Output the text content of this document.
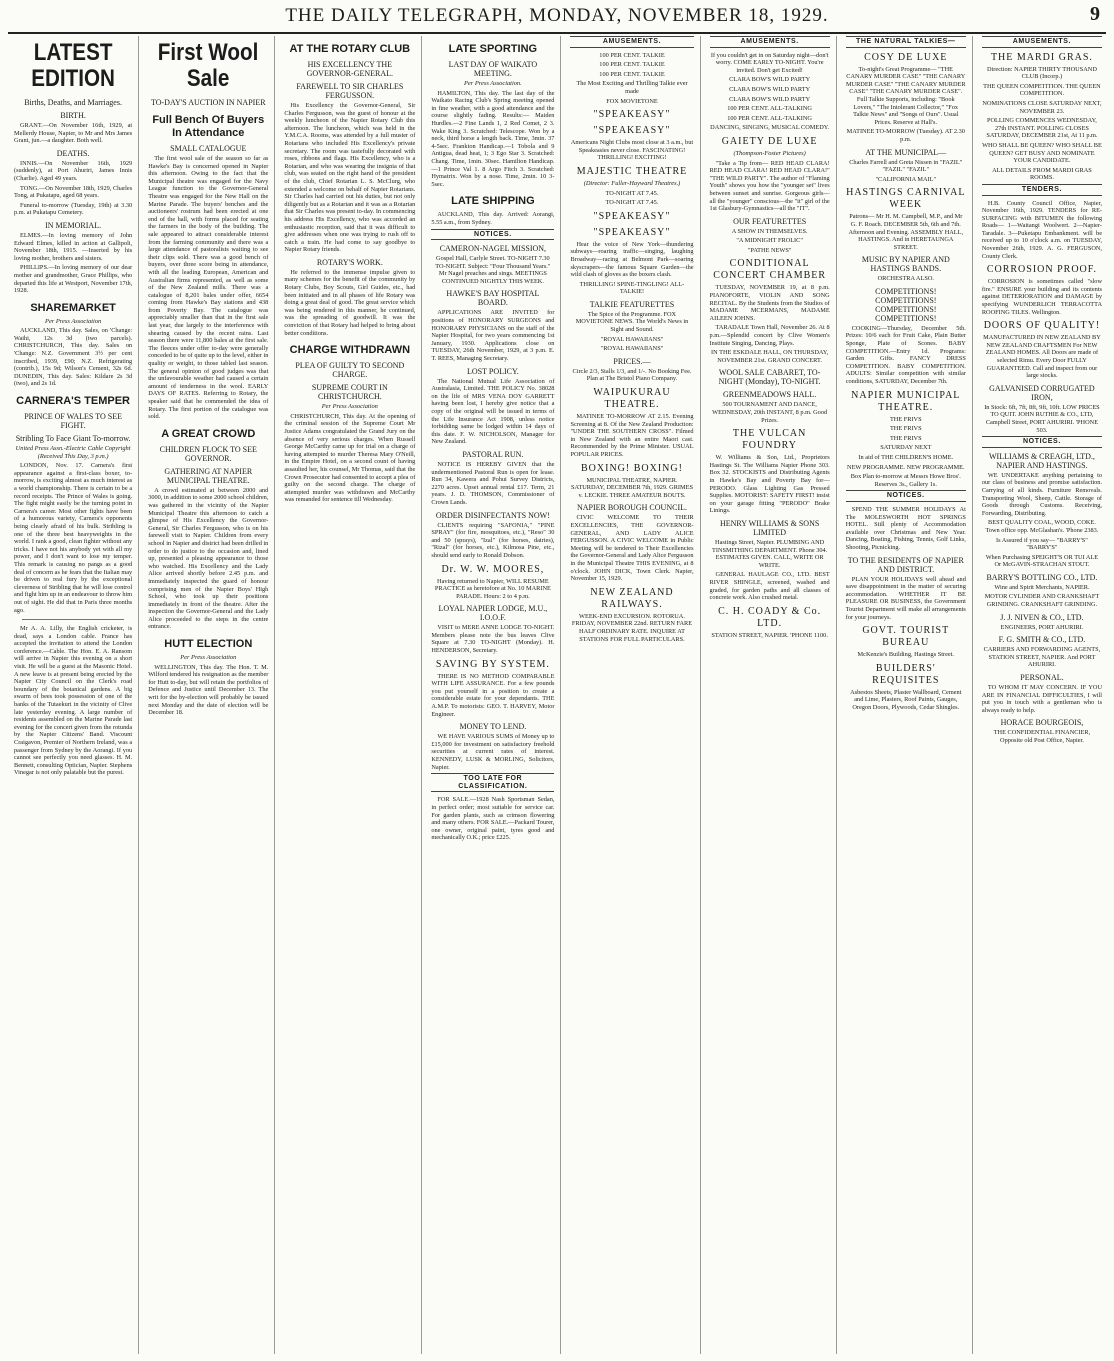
THE DAILY TELEGRAPH, MONDAY, NOVEMBER 18, 1929.	9
LATEST EDITION
Births, Deaths, and Marriages.
BIRTH.

GRANT.—On November 16th, 1929, at Mellerdy House, Napier, to Mr and Mrs James Grant, jun.—a daughter. Both well.

DEATHS.

INNIS.—On November 16th, 1929 (suddenly), at Port Ahuriri, James Innis (Charlie). Aged 49 years.

TONG.—On November 18th, 1929, Charles Tong, at Pukatapu, aged 68 years.

Funeral to-morrow (Tuesday, 19th) at 3.30 p.m. at Pukatapu Cemetery.

IN MEMORIAL.

ELMES.—In loving memory of John Edward Elmes, killed in action at Gallipoli, November 18th, 1915. —Inserted by his loving mother, brothers and sisters.

PHILLIPS.—In loving memory of our dear mother and grandmother, Grace Phillips, who departed this life at Westport, November 17th, 1928.

SHAREMARKET
Per Press Association

AUCKLAND, This day. Sales, on 'Change: Waihi, 12s 3d (two parcels). CHRISTCHURCH, This day. Sales on 'Change: N.Z. Government 3½ per cent inscribed, 1939, £90; N.Z. Refrigerating (contrib.), 15s 9d; Wilson's Cement, 32s 6d. DUNEDIN, This day. Sales: Kildare 2s 3d (two), and 2s 1d.

CARNERA'S TEMPER
PRINCE OF WALES TO SEE FIGHT.
Stribling To Face Giant To-morrow.
United Press Assn.-Electric Cable Copyright (Received This Day, 3 p.m.)

LONDON, Nov. 17. Carnera's first appearance against a first-class boxer, to-morrow, is exciting almost as much interest as a world championship. There is certain to be a record receipts. The Prince of Wales is going. The fight might easily be the turning point in Carnera's career. Most other fights have been of a humorous variety, Carnera's opponents being clearly afraid of his bulk. Stribling is one of the three best heavyweights in the world. I rank a good, clean fighter without any tricks. I have not his anybody yet with all my power, and I don't want to lose my temper. This remark is causing no pangs as a good deal of concern as he fears that the Italian may be driven to real fury by the exceptional cleverness of Stribling that he will lose control and fight him up in an endeavour to throw him out of sight. He did that in Paris three months ago.

Mr A. A. Lilly, the English cricketer, is dead, says a London cable. France has accepted the invitation to attend the London conference.—Cable. The Hon. E. A. Ransom will arrive in Napier this evening on a short visit. He will be a guest at the Masonic Hotel. A new leave is at present being erected by the Napier City Council on the Clerk's road boundary of the botanical gardens. A big swarm of bees took possession of one of the banks of the Tutaekuri in the vicinity of Clive late yesterday evening. A large number of residents assembled on the Marine Parade last evening for the concert given from the rotunda by the Napier Citizens' Band. Viscount Craigavon, Premier of Northern Ireland, was a passenger from Sydney by the Aorangi. If you cannot see perfectly you need glasses. H. M. Bennett, consulting Optician, Napier. Stephens Vinegar is not only palatable but the purest.

First Wool Sale
TO-DAY'S AUCTION IN NAPIER
Full Bench Of Buyers In Attendance
SMALL CATALOGUE

The first wool sale of the season so far as Hawke's Bay is concerned opened in Napier this afternoon. Owing to the fact that the Municipal theatre was engaged for the Navy League function to the Governor-General Theatre was engaged for the New Hall on the Marine Parade. The buyers' benches and the auctioneers' rostrum had been erected at one end of the hall, with forms placed for seating the farmers in the body of the building. The sale appeared to attract considerable interest from the farming community and there was a large attendance of pastoralists waiting to see their clips sold. There was a good bench of buyers, over three score being in attendance, with all the leading European, American and Australian firms represented, as well as some of the New Zealand mills. There was a catalogue of 8,201 bales under offer, 6654 coming from Hawke's Bay stations and 438 from Poverty Bay. The catalogue was appreciably smaller than that in the first sale last year, due largely to the interference with shearing caused by the recent rains. Last season there were 11,800 bales at the first sale. The fleeces under offer to-day were generally conceded to be of quite up to the level, either in quality or weight, to those tabled last season. The general opinion of good judges was that the unfavourable weather had caused a certain amount of tenderness in the wool. EARLY DAYS OF RATES. Referring to Rotary, the speaker said that he commended the idea of Rotary. The first portion of the catalogue was sold.

A GREAT CROWD
CHILDREN FLOCK TO SEE GOVERNOR.
GATHERING AT NAPIER MUNICIPAL THEATRE.

A crowd estimated at between 2000 and 3000, in addition to some 2000 school children, was gathered in the vicinity of the Napier Municipal Theatre this afternoon to catch a glimpse of His Excellency the Governor-General, Sir Charles Fergusson, who is on his farewell visit to Napier. Children from every school in Napier and district had been drilled in order to do justice to the occasion and, lined up, presented a pleasing appearance to those who watched. His Excellency and the Lady Alice arrived shortly before 2.45 p.m. and immediately inspected the guard of honour comprising men of the Napier Boys' High School, who took up their positions immediately in front of the theatre. After the inspection the Governor-General and the Lady Alice proceeded to the steps in the centre entrance.

HUTT ELECTION
Per Press Association

WELLINGTON, This day. The Hon. T. M. Wilford tendered his resignation as the member for Hutt to-day, but will retain the portfolios of Defence and Justice until December 13. The writ for the by-election will probably be issued next Monday and the date of election will be December 18.

AT THE ROTARY CLUB
HIS EXCELLENCY THE GOVERNOR-GENERAL.
FAREWELL TO SIR CHARLES FERGUSSON.

His Excellency the Governor-General, Sir Charles Fergusson, was the guest of honour at the weekly luncheon of the Napier Rotary Club this afternoon. The luncheon, which was held in the Y.M.C.A. Rooms, was attended by a full muster of Rotarians who included His Excellency's private secretary. The room was tastefully decorated with roses, ribbons and flags. His Excellency, who is a Rotarian, and who was wearing the insignia of that club, was seated on the right hand of the president of the club, Chief Rotarian L. S. McClurg, who extended a welcome on behalf of Napier Rotarians. Sir Charles had carried out his duties, but not only diligently but as a Rotarian and it was as a Rotarian that Sir Charles was present to-day. In commencing his address His Excellency, who was accorded an enthusiastic reception, said that it was difficult to give addresses when one was trying to rush off to catch a train. He had come to say goodbye to Napier Rotary friends.

ROTARY'S WORK.

He referred to the immense impulse given to many schemes for the benefit of the community by Rotary Clubs, Boy Scouts, Girl Guides, etc., had been initiated and in all phases of life Rotary was doing a great deal of good. The great service which was being rendered in this manner, he continued, was the spreading of goodwill. It was the conviction of that Rotary had helped to bring about better conditions.

CHARGE WITHDRAWN
PLEA OF GUILTY TO SECOND CHARGE.
SUPREME COURT IN CHRISTCHURCH.
Per Press Association

CHRISTCHURCH, This day. At the opening of the criminal session of the Supreme Court Mr Justice Adams congratulated the Grand Jury on the absence of very serious charges. When Russell George McCarthy came up for trial on a charge of having attempted to murder Theresa Mary O'Neill, in the Empire Hotel, on a second count of having assaulted her, his counsel, Mr Thomas, said that the Crown Prosecutor had consented to accept a plea of guilty on the second charge. The charge of attempted murder was withdrawn and McCarthy was remanded for sentence till Wednesday.

LATE SPORTING
LAST DAY OF WAIKATO MEETING.
Per Press Association.

HAMILTON, This day. The last day of the Waikato Racing Club's Spring meeting opened in fine weather, with a good attendance and the course slightly fading. Results:— Maiden Hurdles.—2 Fine Lands 1, 2 Red Comet, 2 3. Wake King 3. Scratched: Telescope. Won by a neck, third horse a length back. Time, 3min. 37 4-5sec. Frankton Handicap.—1 Tobola and 9 Antigua, dead heat, 1; 3 Ego Star 3. Scratched: Chang. Time, 1min. 30sec. Hamilton Handicap.—1 Prince Val 1. 8 Argo Fitch 3. Scratched: Hymatrix. Won by a nose. Time, 2min. 10 3-5sec.

LATE SHIPPING

AUCKLAND, This day. Arrived: Aorangi, 5.55 a.m., from Sydney.

NOTICES.
CAMERON-NAGEL MISSION,

Gospel Hall, Carlyle Street. TO-NIGHT 7.30 TO-NIGHT. Subject: "Four Thousand Years." Mr Nagel preaches and sings. MEETINGS CONTINUED NIGHTLY THIS WEEK.

HAWKE'S BAY HOSPITAL BOARD.

APPLICATIONS ARE INVITED for positions of HONORARY SURGEONS and HONORARY PHYSICIANS on the staff of the Napier Hospital, for two years commencing 1st January, 1930. Applications close on TUESDAY, 26th November, 1929, at 3 p.m. E. T. REES, Managing Secretary.

LOST POLICY.

The National Mutual Life Association of Australasia, Limited. THE POLICY No. 38028 on the life of MRS VENA DOY GARRETT having been lost, I hereby give notice that a copy of the original will be issued in terms of the Life Insurance Act 1908, unless notice forbidding same be lodged within 14 days of this date. F. W. NICHOLSON, Manager for New Zealand.

PASTORAL RUN.

NOTICE IS HEREBY GIVEN that the undermentioned Pastoral Run is open for lease. Run 34, Kawera and Pohui Survey Districts, 2270 acres. Upset annual rental £17. Term, 21 years. J. D. THOMSON, Commissioner of Crown Lands.

ORDER DISINFECTANTS NOW!

CLIENTS requiring "SAFONIA," "PINE SPRAY" (for fire, mosquitoes, etc.), "Reso" 30 and 50 (sprays), "Izal" (for horses, dairies), "Rizal" (for horses, etc.), Kilmosa Pine, etc., should send early to Ronald Dobson.

Dr. W. W. MOORES,

Having returned to Napier, WILL RESUME PRACTICE as heretofore at No. 10 MARINE PARADE. Hours: 2 to 4 p.m.

LOYAL NAPIER LODGE, M.U., I.O.O.F.

VISIT to MERE ANNE LODGE TO-NIGHT. Members please note the bus leaves Clive Square at 7.30 TO-NIGHT (Monday). H. HENDERSON, Secretary.

SAVING BY SYSTEM.

THERE IS NO METHOD COMPARABLE WITH LIFE ASSURANCE. For a few pounds you put yourself in a position to create a considerable estate for your dependants. THE A.M.P. To motorists: GEO. T. HARVEY, Motor Engineer.

MONEY TO LEND.

WE HAVE VARIOUS SUMS of Money up to £15,000 for investment on satisfactory freehold securities at current rates of interest. KENNEDY, LUSK & MORLING, Solicitors, Napier.

TOO LATE FOR CLASSIFICATION.

FOR SALE.—1928 Nash Sportsman Sedan, in perfect order; most suitable for service car. For garden plants, such as crimson flowering and many others. FOR SALE.—Packard Tourer, one owner, original paint, tyres good and mechanically O.K.; price £225.

AMUSEMENTS.

100 PER CENT. TALKIE

100 PER CENT. TALKIE

100 PER CENT. TALKIE

The Most Exciting and Thrilling Talkie ever made

FOX MOVIETONE

"SPEAKEASY"
"SPEAKEASY"

Americans Night Clubs most close at 3 a.m., but Speakeasies never close. FASCINATING! THRILLING! EXCITING!

MAJESTIC THEATRE
(Director: Fuller-Hayward Theatres.)

TO-NIGHT AT 7.45.

TO-NIGHT AT 7.45.

"SPEAKEASY"
"SPEAKEASY"

Hear the voice of New York—thundering subways—roaring traffic—singing, laughing Broadway—racing at Belmont Park—soaring skyscrapers—the famous Square Garden—the wild clash of gloves as the boxers clash.

THRILLING! SPINE-TINGLING! ALL-TALKIE!

TALKIE FEATURETTES

The Spice of the Programme. FOX MOVIETONE NEWS. The World's News in Sight and Sound.

"ROYAL HAWAIIANS"

"ROYAL HAWAIIANS"

PRICES.—

Circle 2/3, Stalls 1/3, and 1/-. No Booking Fee. Plan at The Bristol Piano Company.

WAIPUKURAU THEATRE.

MATINEE TO-MORROW AT 2.15. Evening Screening at 8. Of the New Zealand Production: "UNDER THE SOUTHERN CROSS". Filmed in New Zealand with an entire Maori cast. Recommended by the Prime Minister. USUAL POPULAR PRICES.

BOXING! BOXING!

MUNICIPAL THEATRE, NAPIER. SATURDAY, DECEMBER 7th, 1929. GRIMES v. LECKIE. THREE AMATEUR BOUTS.

NAPIER BOROUGH COUNCIL.

CIVIC WELCOME TO THEIR EXCELLENCIES, THE GOVERNOR-GENERAL, AND LADY ALICE FERGUSSON. A CIVIC WELCOME in Public Meeting will be tendered to Their Excellencies the Governor-General and Lady Alice Fergusson in the Municipal Theatre THIS EVENING, at 8 o'clock. JOHN DICK, Town Clerk. Napier, November 15, 1929.

NEW ZEALAND RAILWAYS.

WEEK-END EXCURSION. ROTORUA. FRIDAY, NOVEMBER 22nd. RETURN FARE HALF ORDINARY RATE. INQUIRE AT STATIONS FOR FULL PARTICULARS.

AMUSEMENTS.

If you couldn't get in on Saturday night—don't worry. COME EARLY TO-NIGHT. You're invited. Don't get Excited!

CLARA BOW'S WILD PARTY

CLARA BOW'S WILD PARTY

CLARA BOW'S WILD PARTY

100 PER CENT. ALL-TALKING

100 PER CENT. ALL-TALKING

DANCING, SINGING, MUSICAL COMEDY.

GAIETY DE LUXE
(Thompson-Foster Pictures)

"Take a Tip from— RED HEAD CLARA! RED HEAD CLARA! RED HEAD CLARA!" "THE WILD PARTY". The author of "Flaming Youth" shows you how the "younger set" lives between sunset and sunrise. Gorgeous girls—all the "younger" conscious—the "it" girl of the 1st Glasbury-Gymnastics—all the "IT".

OUR FEATURETTES

A SHOW IN THEMSELVES.

"A MIDNIGHT FROLIC"

"PATHE NEWS"

CONDITIONAL CONCERT CHAMBER

TUESDAY, NOVEMBER 19, at 8 p.m. PIANOFORTE, VIOLIN AND SONG RECITAL. By the Students from the Studios of MADAME MCERMANS, MADAME AILEEN JOHNS.

TARADALE Town Hall, November 26. At 8 p.m.—Splendid concert by Clive Women's Institute Singing, Dancing, Plays.

IN THE ESKDALE HALL, ON THURSDAY, NOVEMBER 21st. GRAND CONCERT.

WOOL SALE CABARET, TO-NIGHT (Monday), TO-NIGHT.
GREENMEADOWS HALL.

500 TOURNAMENT AND DANCE, WEDNESDAY, 20th INSTANT, 8 p.m. Good Prizes.

THE VULCAN FOUNDRY

W. Williams & Son, Ltd., Proprietors Hastings St. The Williams Napier Phone 303. Box 32. STOCKISTS and Distributing Agents in Hawke's Bay and Poverty Bay for— PERODO. Glass Lighting Gas Pressed Supplies. MOTORIST: SAFETY FIRST! insist on your garage fitting "PERODO" Brake Linings.

HENRY WILLIAMS & SONS LIMITED

Hastings Street, Napier. PLUMBING AND TINSMITHING DEPARTMENT. Phone 304. ESTIMATES GIVEN. CALL, WRITE OR WRITE.

GENERAL HAULAGE CO., LTD. BEST RIVER SHINGLE, screened, washed and graded, for garden paths and all classes of concrete work. Also crushed metal.

C. H. COADY & Co. LTD.

STATION STREET, NAPIER. 'PHONE 1100.

THE NATURAL TALKIES—
COSY DE LUXE

To-night's Great Programme— "THE CANARY MURDER CASE" "THE CANARY MURDER CASE" "THE CANARY MURDER CASE" "THE CANARY MURDER CASE". Full Talkie Supports, including: "Book Lovers," "The Intolerant Collector," "Fox Talkie News" and "Songs of Ours". Usual Prices. Reserve at Hall's.

MATINEE TO-MORROW (Tuesday). AT 2.30 p.m.

AT THE MUNICIPAL—

Charles Farrell and Greta Nissen in "FAZIL" "FAZIL" "FAZIL"

"CALIFORNIA MAIL"

HASTINGS CARNIVAL WEEK

Patrons— Mr H. M. Campbell, M.P., and Mr G. F. Roach. DECEMBER 5th, 6th and 7th. Afternoon and Evening. ASSEMBLY HALL, HASTINGS. And in HERETAUNGA STREET.

MUSIC BY NAPIER AND HASTINGS BANDS.

ORCHESTRA ALSO.

COMPETITIONS! COMPETITIONS! COMPETITIONS! COMPETITIONS!

COOKING—Thursday, December 5th. Prizes: 10/6 each for Fruit Cake, Plain Butter Sponge, Plate of Scones. BABY COMPETITION.—Entry 1d. Programs: Garden Gifts. FANCY DRESS COMPETITION. BABY COMPETITION. ADULTS: Similar competition with similar conditions, SATURDAY, December 7th.

NAPIER MUNICIPAL THEATRE.

THE FRIVS

THE FRIVS

THE FRIVS

SATURDAY NEXT

In aid of THE CHILDREN'S HOME.

NEW PROGRAMME. NEW PROGRAMME.

Box Plan to-morrow at Messrs Howe Bros'. Reserves 3s., Gallery 1s.

NOTICES.

SPEND THE SUMMER HOLIDAYS At The MOLESWORTH HOT SPRINGS HOTEL. Still plenty of Accommodation available over Christmas and New Year. Dancing, Boating, Fishing, Tennis, Golf Links, Shooting, Picnicking.

TO THE RESIDENTS OF NAPIER AND DISTRICT.

PLAN YOUR HOLIDAYS well ahead and save disappointment in the matter of securing accommodation. WHETHER IT BE PLEASURE OR BUSINESS, the Government Tourist Department will make all arrangements for your journeys.

GOVT. TOURIST BUREAU

McKenzie's Building, Hastings Street.

BUILDERS' REQUISITES

Asbestos Sheets, Plaster Wallboard, Cement and Lime, Plasters, Roof Paints, Gauges, Oregon Doors, Plywoods, Cedar Shingles.

AMUSEMENTS.
THE MARDI GRAS.

Direction: NAPIER THIRTY THOUSAND CLUB (Incorp.)

THE QUEEN COMPETITION. THE QUEEN COMPETITION.

NOMINATIONS CLOSE SATURDAY NEXT, NOVEMBER 23.

POLLING COMMENCES WEDNESDAY, 27th INSTANT. POLLING CLOSES SATURDAY, DECEMBER 21st, At 11 p.m.

WHO SHALL BE QUEEN? WHO SHALL BE QUEEN? GET BUSY AND NOMINATE YOUR CANDIDATE.

ALL DETAILS FROM MARDI GRAS ROOMS.

TENDERS.

H.B. County Council Office, Napier, November 16th, 1929. TENDERS for RE-SURFACING with BITUMEN the following Roads— 1—Waitangi Woolwert. 2—Napier-Taradale. 3—Puketapu Embankment. will be received up to 10 o'clock a.m. on TUESDAY, November 26th, 1929. A. G. FERGUSON, County Clerk.

CORROSION PROOF.

CORROSION is sometimes called "slow fire." ENSURE your building and its contents against DETERIORATION and DAMAGE by specifying WUNDERLICH TERRACOTTA ROOFING TILES. Wellington.

DOORS OF QUALITY!

MANUFACTURED IN NEW ZEALAND BY NEW ZEALAND CRAFTSMEN For NEW ZEALAND HOMES. All Doors are made of selected Rimu. Every Door FULLY GUARANTEED. Call and inspect from our large stocks.

GALVANISED CORRUGATED IRON,

In Stock: 6ft, 7ft, 8ft, 9ft, 10ft. LOW PRICES TO QUIT. JOHN RUTHIE & CO., LTD, Campbell Street, PORT AHURIRI. 'PHONE 503.

NOTICES.
WILLIAMS & CREAGH, LTD., NAPIER AND HASTINGS.

WE UNDERTAKE anything pertaining to our class of business and promise satisfaction. Carrying of all kinds. Furniture Removals. Transporting Wool, Sheep, Cattle. Storage of Goods through Customs. Receiving, Forwarding, Distributing.

BEST QUALITY COAL, WOOD, COKE. Town office opp. McGlashan's. 'Phone 2383.

Is Assured if you say— "BARRY'S" "BARRY'S"

When Purchasing SPEIGHT'S OR TUI ALE Or McGAVIN-STRACHAN STOUT.

BARRY'S BOTTLING CO., LTD.

Wine and Spirit Merchants, NAPIER.

MOTOR CYLINDER AND CRANKSHAFT GRINDING. CRANKSHAFT GRINDING.

J. J. NIVEN & CO., LTD.

ENGINEERS, PORT AHURIRI.

F. G. SMITH & CO., LTD.

CARRIERS AND FORWARDING AGENTS, STATION STREET, NAPIER. And PORT AHURIRI.

PERSONAL.

TO WHOM IT MAY CONCERN. IF YOU ARE IN FINANCIAL DIFFICULTIES, I will put you in touch with a gentleman who is always ready to help.

HORACE BOURGEOIS,

THE CONFIDENTIAL FINANCIER, Opposite old Post Office, Napier.
